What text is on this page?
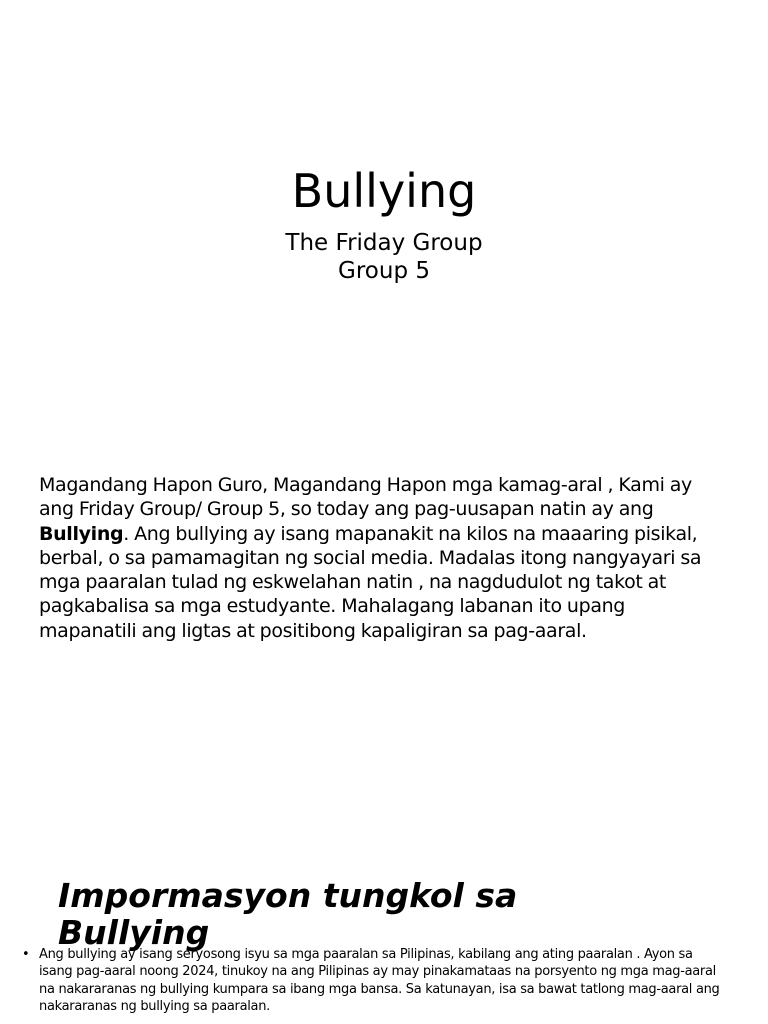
Bullying
The Friday Group
Group 5

Magandang Hapon Guro, Magandang Hapon mga kamag-aral , Kami ay
ang Friday Group/ Group 5, so today ang pag-uusapan natin ay ang
Bullying. Ang bullying ay isang mapanakit na kilos na maaaring pisikal,
berbal, o sa pamamagitan ng social media. Madalas itong nangyayari sa
mga paaralan tulad ng eskwelahan natin , na nagdudulot ng takot at
pagkabalisa sa mga estudyante. Mahalagang labanan ito upang
mapanatili ang ligtas at positibong kapaligiran sa pag-aaral.

Impormasyon tungkol sa
Bullying
• Ang bullying ay isang seryosong isyu sa mga paaralan sa Pilipinas, kabilang ang ating paaralan . Ayon sa
isang pag-aaral noong 2024, tinukoy na ang Pilipinas ay may pinakamataas na porsyento ng mga mag-aaral
na nakararanas ng bullying kumpara sa ibang mga bansa. Sa katunayan, isa sa bawat tatlong mag-aaral ang
nakararanas ng bullying sa paaralan.
